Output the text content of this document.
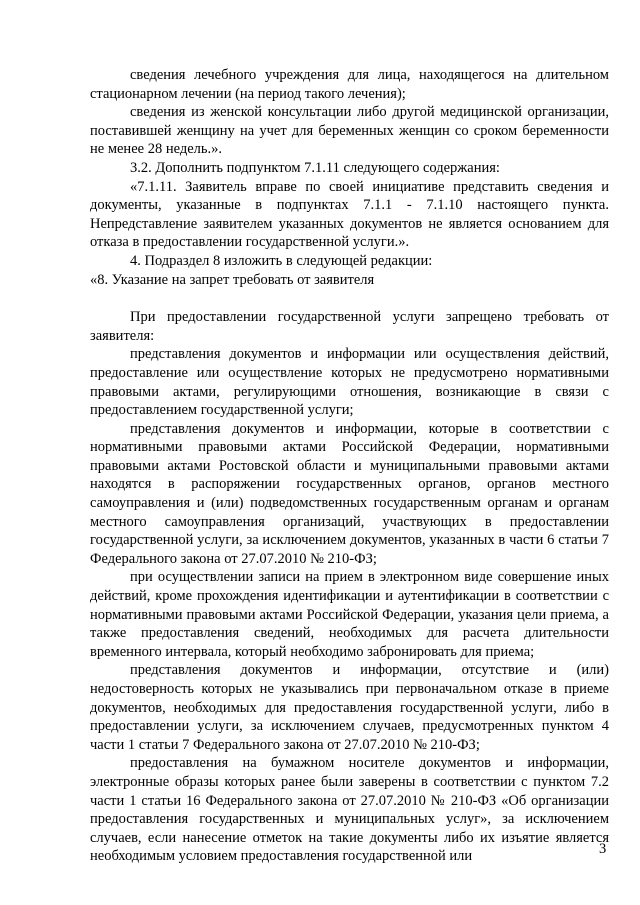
сведения лечебного учреждения для лица, находящегося на длительном стационарном лечении (на период такого лечения);

сведения из женской консультации либо другой медицинской организации, поставившей женщину на учет для беременных женщин со сроком беременности не менее 28 недель.».

3.2. Дополнить подпунктом 7.1.11 следующего содержания:

«7.1.11. Заявитель вправе по своей инициативе представить сведения и документы, указанные в подпунктах 7.1.1 - 7.1.10 настоящего пункта. Непредставление заявителем указанных документов не является основанием для отказа в предоставлении государственной услуги.».

4. Подраздел 8 изложить в следующей редакции:

«8. Указание на запрет требовать от заявителя

При предоставлении государственной услуги запрещено требовать от заявителя:

представления документов и информации или осуществления действий, предоставление или осуществление которых не предусмотрено нормативными правовыми актами, регулирующими отношения, возникающие в связи с предоставлением государственной услуги;

представления документов и информации, которые в соответствии с нормативными правовыми актами Российской Федерации, нормативными правовыми актами Ростовской области и муниципальными правовыми актами находятся в распоряжении государственных органов, органов местного самоуправления и (или) подведомственных государственным органам и органам местного самоуправления организаций, участвующих в предоставлении государственной услуги, за исключением документов, указанных в части 6 статьи 7 Федерального закона от 27.07.2010 № 210-ФЗ;

при осуществлении записи на прием в электронном виде совершение иных действий, кроме прохождения идентификации и аутентификации в соответствии с нормативными правовыми актами Российской Федерации, указания цели приема, а также предоставления сведений, необходимых для расчета длительности временного интервала, который необходимо забронировать для приема;

представления документов и информации, отсутствие и (или) недостоверность которых не указывались при первоначальном отказе в приеме документов, необходимых для предоставления государственной услуги, либо в предоставлении услуги, за исключением случаев, предусмотренных пунктом 4 части 1 статьи 7 Федерального закона от 27.07.2010 № 210-ФЗ;

предоставления на бумажном носителе документов и информации, электронные образы которых ранее были заверены в соответствии с пунктом 7.2 части 1 статьи 16 Федерального закона от 27.07.2010 № 210-ФЗ «Об организации предоставления государственных и муниципальных услуг», за исключением случаев, если нанесение отметок на такие документы либо их изъятие является необходимым условием предоставления государственной или	3
